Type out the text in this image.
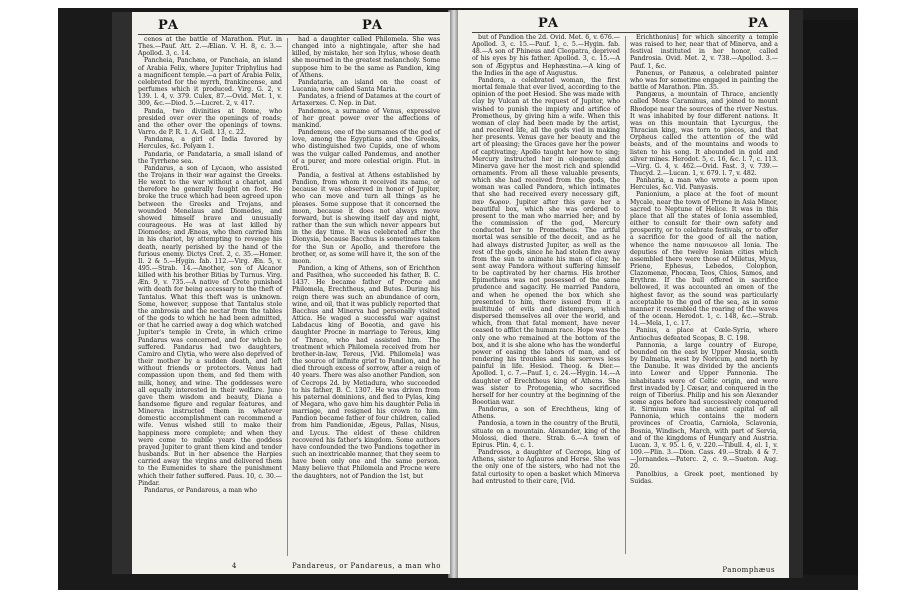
PA	PA

cenos at the battle of Marathon. Plut. in Thes.—Pauf. Att. 2.—Ælian. V. H. 8, c. 3.—Apollod. 3, c. 14.

Pancheia, Panchæa, or Panchaia, an island of Arabia Felix, where Jupiter Triphylius had a magnificent temple.—a part of Arabia Felix, celebrated for the myrrh, frankincense, and perfumes which it produced. Virg. G. 2, v. 139. l. 4, v. 379. Culex, 87.—Ovid. Met. 1, v. 309, &c.—Diod. 5.—Lucret. 2, v. 417.

Panda, two divinities at Rome, who presided over over the openings of roads; and the other over the openings of towns. Varro. de P. R. 1. A. Gell. 13, c. 22.

Pandama, a girl of India favored by Hercules, &c. Polyæn 1.

Pandaria, or Pandataria, a small island of the Tyrrhene sea.

Pandarus, a son of Lycaon, who assisted the Trojans in their war against the Greeks. He went to the war without a chariot, and therefore he generally fought on foot. He broke the truce which had been agreed upon between the Greeks and Trojans, and wounded Menelaus and Diomedes, and showed himself brave and unusually courageous. He was at last killed by Diomedes; and Æneas, who then carried him in his chariot, by attempting to revenge his death, nearly perished by the hand of the furious enemy. Dictys Cret. 2, c. 35.—Homer. Il. 2 & 5.—Hygin. fab. 112.—Virg. Æn. 5, v. 495.—Strab. 14.—Another, son of Alcanor killed with his brother Bitias by Turnus. Virg. Æn. 9, v. 735.—A native of Crete punished with death for being accessary to the theft of Tantalus. What this theft was is unknown. Some, however, suppose that Tantalus stole the ambrosia and the nectar from the tables of the gods to which he had been admitted, or that he carried away a dog which watched Jupiter's temple in Crete, in which crime Pandarus was concerned, and for which he suffered. Pandarus had two daughters, Camiro and Clytia, who were also deprived of their mother by a sudden death, and left without friends or protectors. Venus had compassion upon them, and fed them with milk, honey, and wine. The goddesses were all equally interested in their welfare. Juno gave them wisdom and beauty, Diana a handsome figure and regular features, and Minerva instructed them in whatever domestic accomplishment can recommend a wife. Venus wished still to make their happiness more complete; and when they were come to nubile years the goddess prayed Jupiter to grant them kind and tender husbands. But in her absence the Harpies carried away the virgins and delivered them to the Eumenides to share the punishment which their father suffered. Paus. 10, c. 30.—Pindar.

Pandarus, or Pandareus, a man who

had a daughter called Philomela. She was changed into a nightingale, after she had killed, by mistake, her son Itylus, whose death she mourned in the greatest melancholy. Some suppose him to be the same as Pandion, king of Athens.

Pandataria, an island on the coast of Lucania, now called Santa Maria.

Pandates, a friend of Datames at the court of Artaxerxes. C. Nep. in Dat.

Pandemos, a surname of Venus, expressive of her great power over the affections of mankind.

Pandemus, one of the surnames of the god of love, among the Egyptians and the Greeks, who distinguished two Cupids, one of whom was the vulgar called Pandemus, and another of a purer, and more celestial origin. Plut. in Eroti.

Pandia, a festival at Athens established by Pandion, from whom it received its name, or because it was observed in honor of Jupiter, who can move and turn all things as he pleases. Some suppose that it concerned the moon, because it does not always move forward, but is shewing itself day and night, rather than the sun which never appears but in the day time. It was celebrated after the Dionysia, because Bacchus is sometimes taken for the Sun or Apollo, and therefore the brother, or, as some will have it, the son of the moon.

Pandion, a king of Athens, son of Erichthon and Pasithea, who succeeded his father, B. C. 1437. He became father of Procne and Philomela, Erechtheus, and Butes. During his reign there was such an abundance of corn, wine, and oil, that it was publicly reported that Bacchus and Minerva had personally visited Attica. He waged a successful war against Labdacus king of Boeotia, and gave his daughter Procne in marriage to Tereus, king of Thrace, who had assisted him. The treatment which Philomela received from her brother-in-law, Tereus, [Vid. Philomela] was the source of infinite grief to Pandion, and he died through excess of sorrow, after a reign of 40 years. There was also another Pandion, son of Cecrops 2d. by Metiadura, who succeeded to his father, B. C. 1307. He was driven from his paternal dominions, and fled to Pylas, king of Megara, who gave him his daughter Pelia in marriage, and resigned his crown to him. Pandion became father of four children, called from him Pandionidæ, Ægeus, Pallas, Nisus, and Lycus. The eldest of these children recovered his father's kingdom. Some authors have confounded the two Pandions together in such an inextricable manner, that they seem to have been only one and the same person. Many believe that Philomela and Procne were the daughters, not of Pandion the 1st, but

4	Pandareus, or Pandareus, a man who
PA	PA

but of Pandion the 2d. Ovid. Met. 6, v. 676.—Apollod. 3, c. 15.—Pauf. 1, c. 5.—Hygin. fab. 48.—A son of Phineus and Cleopatra, deprived of his eyes by his father. Apollod. 3, c. 15.—A son of Ægyptus and Hephæstina.—A king of the Indies in the age of Augustus.

Pandora, a celebrated woman, the first mortal female that ever lived, according to the opinion of the poet Hesiod. She was made with clay by Vulcan at the request of Jupiter, who wished to punish the impiety and artifice of Prometheus, by giving him a wife. When this woman of clay had been made by the artist, and received life, all the gods vied in making her presents. Venus gave her beauty and the art of pleasing; the Graces gave her the power of captivating; Apollo taught her how to sing; Mercury instructed her in eloquence; and Minerva gave her the most rich and splendid ornaments. From all these valuable presents, which she had received from the gods, the woman was called Pandora, which intimates that she had received every necessary gift, παν δωρον. Jupiter after this gave her a beautiful box, which she was ordered to present to the man who married her; and by the commission of the god, Mercury conducted her to Prometheus. The artful mortal was sensible of the deceit, and as he had always distrusted Jupiter, as well as the rest of the gods, since he had stolen fire away from the sun to animate his man of clay, he sent away Pandora without suffering himself to be captivated by her charms. His brother Epimetheus was not possessed of the same prudence and sagacity. He married Pandora, and when he opened the box which she presented to him, there issued from it a multitude of evils and distempers, which dispersed themselves all over the world, and which, from that fatal moment, have never ceased to afflict the human race. Hope was the only one who remained at the bottom of the box, and it is she alone who has the wonderful power of easing the labors of man, and of rendering his troubles and his sorrows less painful in life. Hesiod. Theog. & Dier.—Apollod. 1, c. 7.—Pauf. 1, c. 24.—Hygin. 14.—A daughter of Erechtheus king of Athens. She was sister to Protogenia, who sacrificed herself for her country at the beginning of the Boeotian war.

Pandorus, a son of Erechtheus, king of Athens.

Pandosia, a town in the country of the Brutii, situate on a mountain. Alexander, king of the Molossi, died there. Strab. 6.—A town of Epirus. Plin. 4, c. 1.

Pandrosos, a daughter of Cecrops, king of Athens, sister to Aglauros and Herse. She was the only one of the sisters, who had not the fatal curiosity to open a basket which Minerva had entrusted to their care, [Vid.

Erichthonius] for which sincerity a temple was raised to her, near that of Minerva, and a festival instituted in her honor, called Pandrosia. Ovid. Met. 2, v. 738.—Apollod. 3.—Pauf. 1, &c.

Panenus, or Panæus, a celebrated painter who was for sometime engaged in painting the battle of Marathon. Plin. 35.

Pangæus, a mountain of Thrace, anciently called Mons Caraminus, and joined to mount Rhodope near the sources of the river Nestus. It was inhabited by four different nations. It was on this mountain that Lycurgus, the Thracian king, was torn to pieces, and that Orpheus called the attention of the wild beasts, and of the mountains and woods to listen to his song. It abounded in gold and silver mines. Herodot. 5, c. 16, &c. l. 7, c. 113.—Virg. G. 4, v. 462.—Ovid. Fast. 3, v. 739.—Thucyd. 2.—Lucan. 1, v. 679. l. 7, v. 482.

Panharia, a man who wrote a poem upon Hercules, &c. Vid. Panyasis.

Panionium, a place at the foot of mount Mycale, near the town of Priene in Asia Minor, sacred to Neptune of Helice. It was in this place that all the states of Ionia assembled, either to consult for their own safety and prosperity, or to celebrate festivals, or to offer a sacrifice for the good of all the nation, whence the name πανιωνιον all Ionia. The deputies of the twelve Ionian cities which assembled there were those of Miletus, Myus, Priene, Ephesus, Lebedos, Colophon, Clazomenæ, Phocæa, Teos, Chios, Samos, and Erythræ. If the bull offered in sacrifice bellowed, it was accounted an omen of the highest favor, as the sound was particularly acceptable to the god of the sea, as in some manner it resembled the roaring of the waves of the ocean. Herodot. 1, c. 148, &c.—Strab. 14.—Mela, 1, c. 17.

Panius, a place at Cœle-Syria, where Antiochus defeated Scopas, B. C. 198.

Pannonia, a large country of Europe, bounded on the east by Upper Mœsia, south by Dalmatia, west by Noricum, and north by the Danube. It was divided by the ancients into Lower and Upper Pannonia. The inhabitants were of Celtic origin, and were first invaded by J. Cæsar, and conquered in the reign of Tiberius. Philip and his son Alexander some ages before had successively conquered it. Sirmium was the ancient capital of all Pannonia, which contains the modern provinces of Croatia, Carniola, Sclavonia, Bosnia, Windisch, March, with part of Servia, and of the kingdoms of Hungary and Austria. Lucan. 3, v. 95. l. 6, v. 220.—Tibull. 4, el. 1, v. 109.—Plin. 3.—Dion. Cass. 49.—Strab. 4 & 7.—Jornandes.—Paterc. 2, c. 9.—Sueton. Aug. 20.

Panolbius, a Greek poet, mentioned by Suidas.

Panomphæus
